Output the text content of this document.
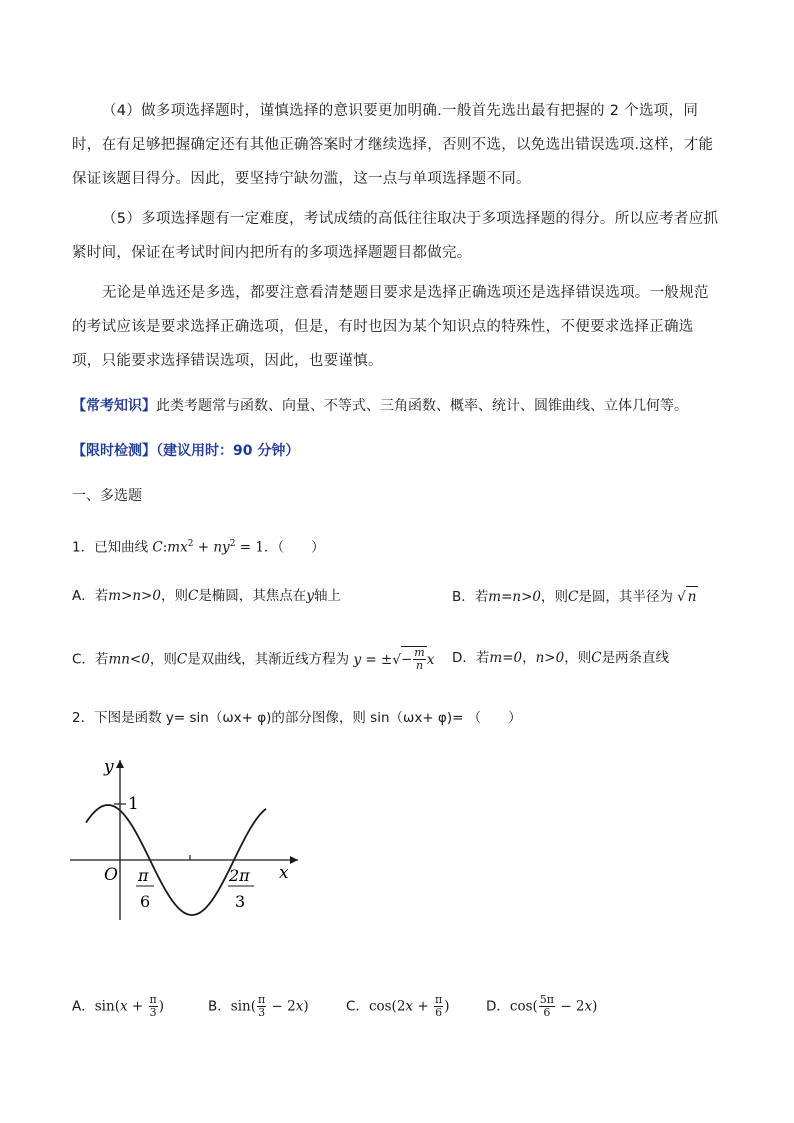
（4）做多项选择题时，谨慎选择的意识要更加明确.一般首先选出最有把握的 2 个选项，同时，在有足够把握确定还有其他正确答案时才继续选择，否则不选，以免选出错误选项.这样，才能保证该题目得分。因此，要坚持宁缺勿滥，这一点与单项选择题不同。

（5）多项选择题有一定难度，考试成绩的高低往往取决于多项选择题的得分。所以应考者应抓紧时间，保证在考试时间内把所有的多项选择题题目都做完。

无论是单选还是多选，都要注意看清楚题目要求是选择正确选项还是选择错误选项。一般规范的考试应该是要求选择正确选项，但是，有时也因为某个知识点的特殊性，不便要求选择正确选项，只能要求选择错误选项，因此，也要谨慎。

【常考知识】此类考题常与函数、向量、不等式、三角函数、概率、统计、圆锥曲线、立体几何等。
【限时检测】（建议用时：90 分钟）
一、多选题
1．已知曲线 $C:mx^2 + ny^2 = 1$．（　　）
A．若m>n>0，则C是椭圆，其焦点在y轴上	B．若m=n>0，则C是圆，其半径为 √ n
C．若mn<0，则C是双曲线，其渐近线方程为 y = ±√− $\frac{m}{n}$ x D．若m=0，n>0，则C是两条直线
2．下图是函数 y= sin（ωx+ φ)的部分图像，则 sin（ωx+ φ)= （　　）
y
x
O
1
π
6
2π
3
A．$\sin(x + \frac{\pi}{3}$ )	B．$\sin( \frac{\pi}{3} - 2x)$	C．$\cos(2x + \frac{\pi}{6}$ )	D．$\cos( \frac{5\pi}{6} - 2x)$
